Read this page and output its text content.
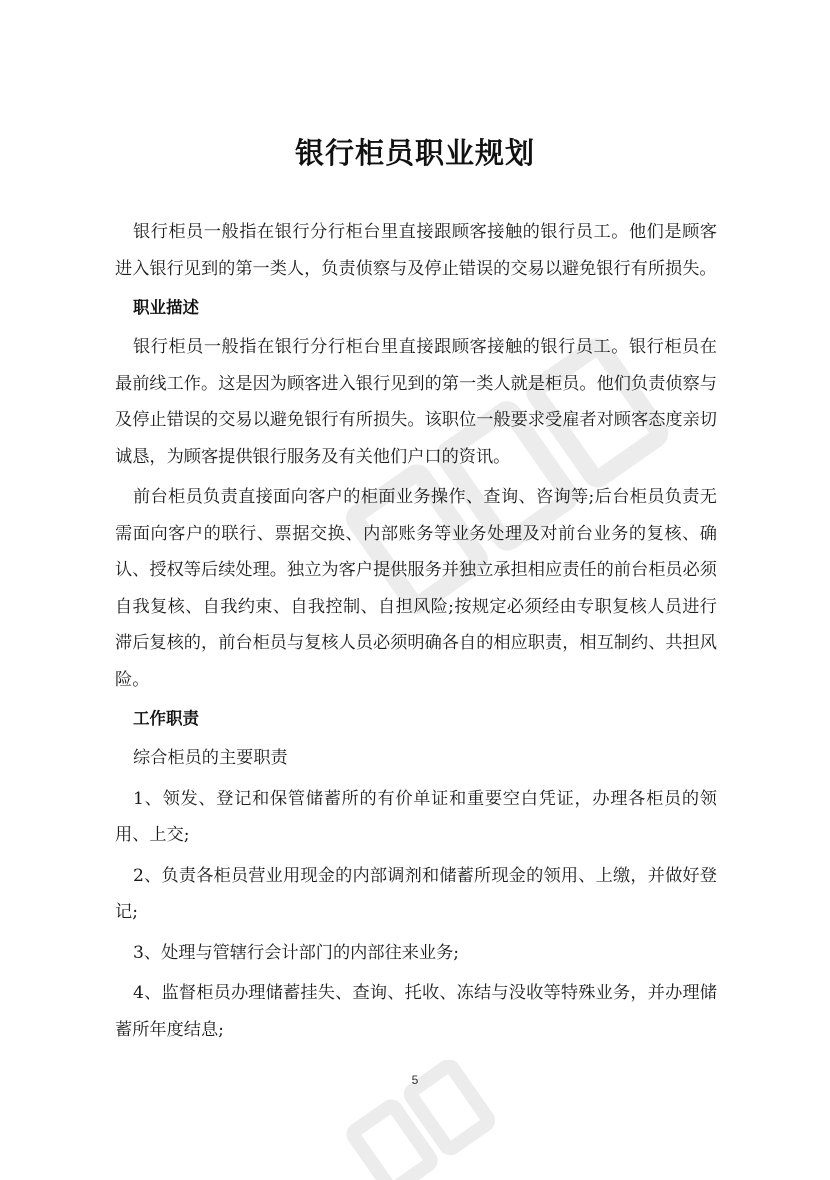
银行柜员职业规划

银行柜员一般指在银行分行柜台里直接跟顾客接触的银行员工。他们是顾客进入银行见到的第一类人，负责侦察与及停止错误的交易以避免银行有所损失。

职业描述

银行柜员一般指在银行分行柜台里直接跟顾客接触的银行员工。银行柜员在最前线工作。这是因为顾客进入银行见到的第一类人就是柜员。他们负责侦察与及停止错误的交易以避免银行有所损失。该职位一般要求受雇者对顾客态度亲切诚恳，为顾客提供银行服务及有关他们户口的资讯。

前台柜员负责直接面向客户的柜面业务操作、查询、咨询等;后台柜员负责无需面向客户的联行、票据交换、内部账务等业务处理及对前台业务的复核、确认、授权等后续处理。独立为客户提供服务并独立承担相应责任的前台柜员必须自我复核、自我约束、自我控制、自担风险;按规定必须经由专职复核人员进行滞后复核的，前台柜员与复核人员必须明确各自的相应职责，相互制约、共担风险。

工作职责

综合柜员的主要职责

1、领发、登记和保管储蓄所的有价单证和重要空白凭证，办理各柜员的领用、上交;

2、负责各柜员营业用现金的内部调剂和储蓄所现金的领用、上缴，并做好登记;

3、处理与管辖行会计部门的内部往来业务;

4、监督柜员办理储蓄挂失、查询、托收、冻结与没收等特殊业务，并办理储蓄所年度结息;

5
